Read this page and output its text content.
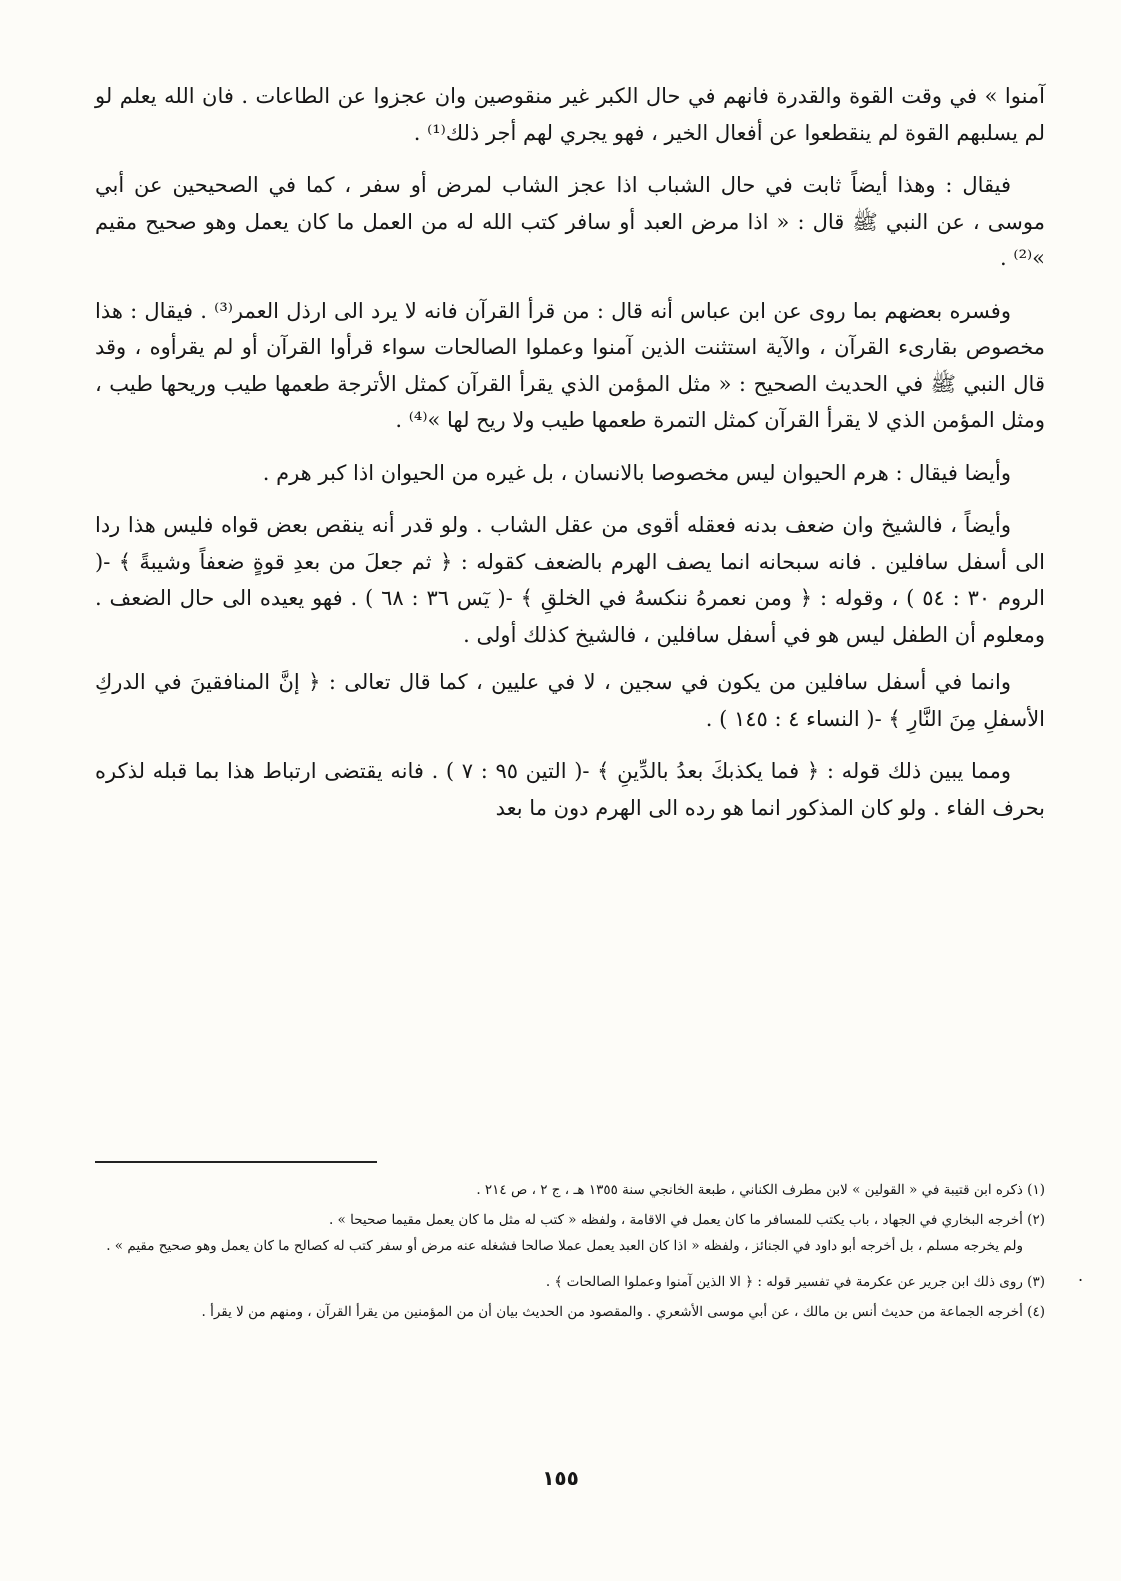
آمنوا » في وقت القوة والقدرة فانهم في حال الكبر غير منقوصين وان عجزوا عن الطاعات . فان الله يعلم لو لم يسلبهم القوة لم ينقطعوا عن أفعال الخير ، فهو يجري لهم أجر ذلك⁽¹⁾ .

فيقال : وهذا أيضاً ثابت في حال الشباب اذا عجز الشاب لمرض أو سفر ، كما في الصحيحين عن أبي موسى ، عن النبي ﷺ قال : « اذا مرض العبد أو سافر كتب الله له من العمل ما كان يعمل وهو صحيح مقيم »⁽²⁾ .

وفسره بعضهم بما روى عن ابن عباس أنه قال : من قرأ القرآن فانه لا يرد الى ارذل العمر⁽³⁾ . فيقال : هذا مخصوص بقارىء القرآن ، والآية استثنت الذين آمنوا وعملوا الصالحات سواء قرأوا القرآن أو لم يقرأوه ، وقد قال النبي ﷺ في الحديث الصحيح : « مثل المؤمن الذي يقرأ القرآن كمثل الأترجة طعمها طيب وريحها طيب ، ومثل المؤمن الذي لا يقرأ القرآن كمثل التمرة طعمها طيب ولا ريح لها »⁽⁴⁾ .

وأيضا فيقال : هرم الحيوان ليس مخصوصا بالانسان ، بل غيره من الحيوان اذا كبر هرم .

وأيضاً ، فالشيخ وان ضعف بدنه فعقله أقوى من عقل الشاب . ولو قدر أنه ينقص بعض قواه فليس هذا ردا الى أسفل سافلين . فانه سبحانه انما يصف الهرم بالضعف كقوله : ﴿ ثم جعلَ من بعدِ قوةٍ ضعفاً وشيبةً ﴾ -( الروم ٣٠ : ٥٤ ) ، وقوله : ﴿ ومن نعمرهُ ننكسهُ في الخلقِ ﴾ -( يٓس ٣٦ : ٦٨ ) . فهو يعيده الى حال الضعف . ومعلوم أن الطفل ليس هو في أسفل سافلين ، فالشيخ كذلك أولى .

وانما في أسفل سافلين من يكون في سجين ، لا في عليين ، كما قال تعالى : ﴿ إنَّ المنافقينَ في الدركِ الأسفلِ مِنَ النَّارِ ﴾ -( النساء ٤ : ١٤٥ ) .

ومما يبين ذلك قوله : ﴿ فما يكذبكَ بعدُ بالدِّينِ ﴾ -( التين ٩٥ : ٧ ) . فانه يقتضى ارتباط هذا بما قبله لذكره بحرف الفاء . ولو كان المذكور انما هو رده الى الهرم دون ما بعد

(١) ذكره ابن قتيبة في « القولين » لابن مطرف الكناني ، طبعة الخانجي سنة ١٣٥٥ هـ ، ج ٢ ، ص ٢١٤ .

(٢) أخرجه البخاري في الجهاد ، باب يكتب للمسافر ما كان يعمل في الاقامة ، ولفظه « كتب له مثل ما كان يعمل مقيما صحيحا » .

ولم يخرجه مسلم ، بل أخرجه أبو داود في الجنائز ، ولفظه « اذا كان العبد يعمل عملا صالحا فشغله عنه مرض أو سفر كتب له كصالح ما كان يعمل وهو صحيح مقيم » .

(٣) روى ذلك ابن جرير عن عكرمة في تفسير قوله : ﴿ الا الذين آمنوا وعملوا الصالحات ﴾ .

(٤) أخرجه الجماعة من حديث أنس بن مالك ، عن أبي موسى الأشعري . والمقصود من الحديث بيان أن من المؤمنين من يقرأ القرآن ، ومنهم من لا يقرأ .

.
١٥٥
